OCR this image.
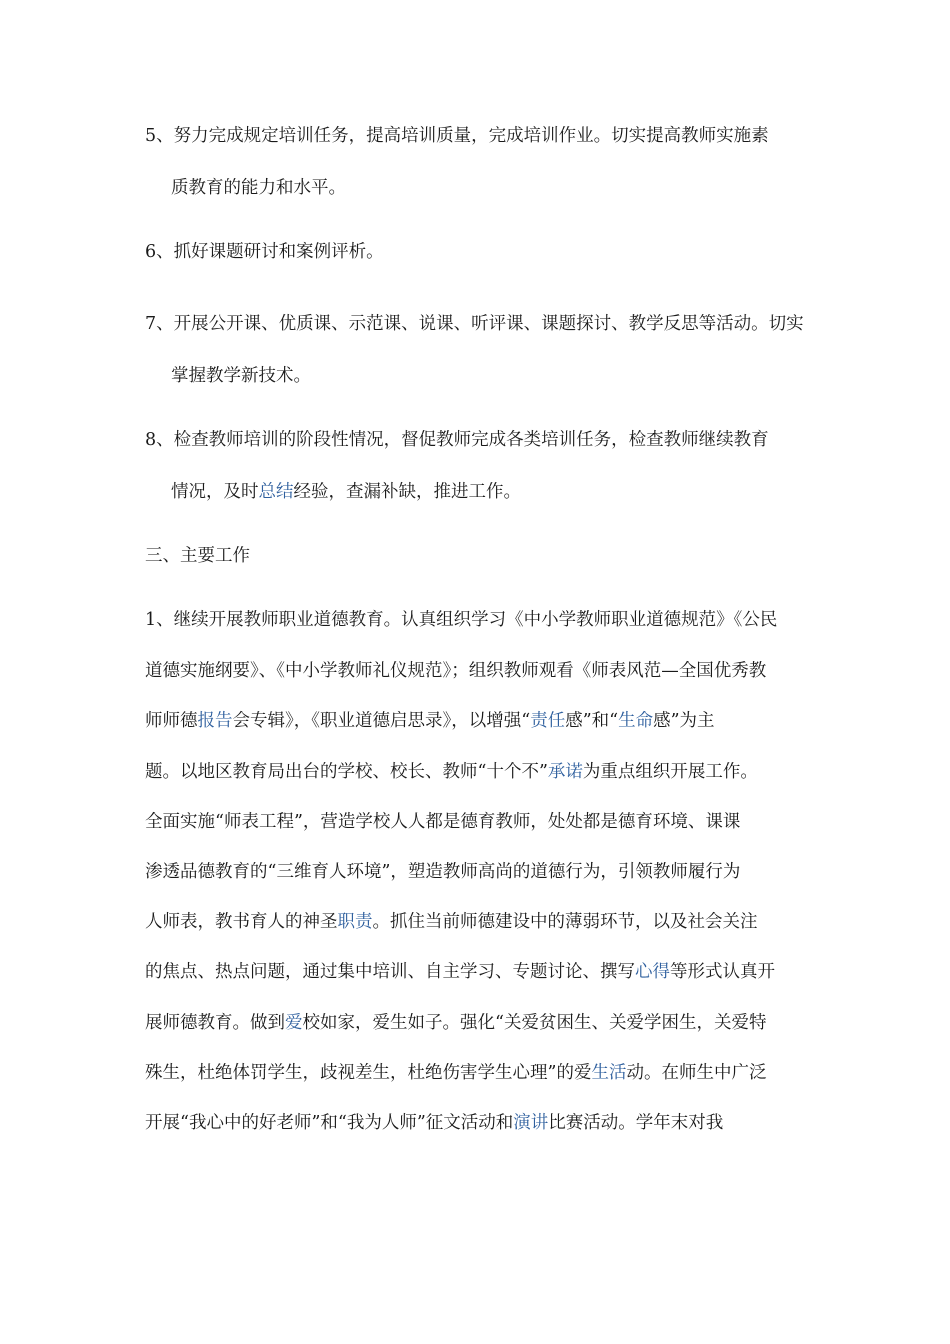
5、努力完成规定培训任务，提高培训质量，完成培训作业。切实提高教师实施素
质教育的能力和水平。
6、抓好课题研讨和案例评析。
7、开展公开课、优质课、示范课、说课、听评课、课题探讨、教学反思等活动。切实
掌握教学新技术。
8、检查教师培训的阶段性情况，督促教师完成各类培训任务，检查教师继续教育
情况，及时总结经验，查漏补缺，推进工作。
三、主要工作
1、继续开展教师职业道德教育。认真组织学习《中小学教师职业道德规范》《公民
道德实施纲要》、《中小学教师礼仪规范》；组织教师观看《师表风范—全国优秀教
师师德报告会专辑》，《职业道德启思录》，以增强“责任感”和“生命感”为主
题。以地区教育局出台的学校、校长、教师“十个不”承诺为重点组织开展工作。
全面实施“师表工程”，营造学校人人都是德育教师，处处都是德育环境、课课
渗透品德教育的“三维育人环境”，塑造教师高尚的道德行为，引领教师履行为
人师表，教书育人的神圣职责。抓住当前师德建设中的薄弱环节，以及社会关注
的焦点、热点问题，通过集中培训、自主学习、专题讨论、撰写心得等形式认真开
展师德教育。做到爱校如家，爱生如子。强化“关爱贫困生、关爱学困生，关爱特
殊生，杜绝体罚学生，歧视差生，杜绝伤害学生心理”的爱生活动。在师生中广泛
开展“我心中的好老师”和“我为人师”征文活动和演讲比赛活动。学年末对我
